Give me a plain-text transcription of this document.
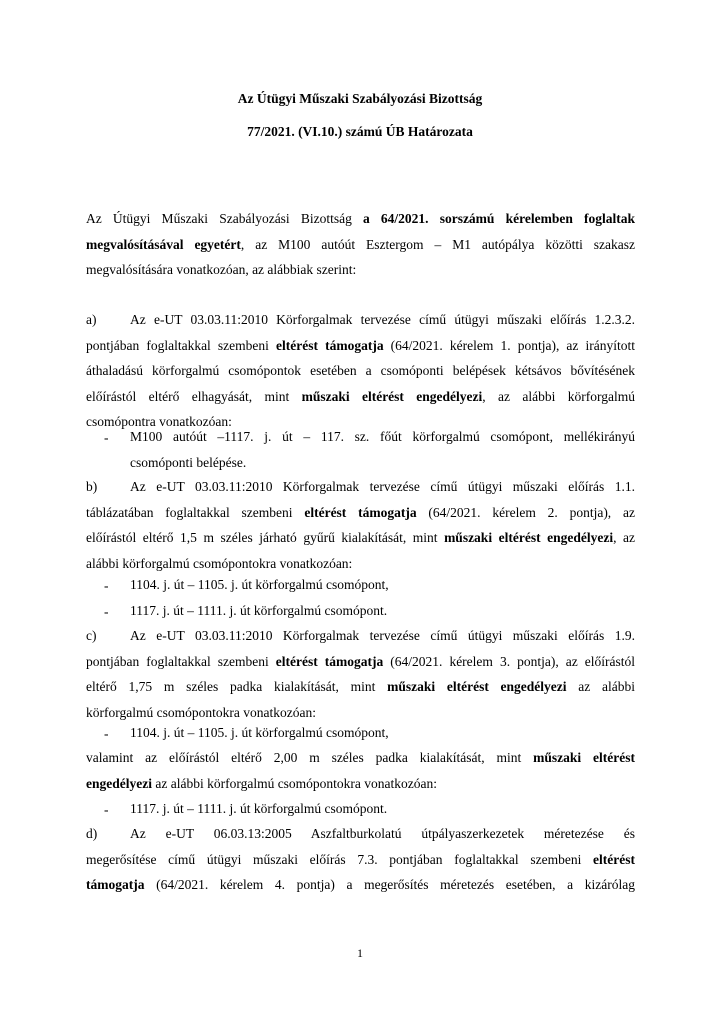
Az Útügyi Műszaki Szabályozási Bizottság
77/2021. (VI.10.) számú ÚB Határozata
Az Útügyi Műszaki Szabályozási Bizottság a 64/2021. sorszámú kérelemben foglaltak
megvalósításával egyetért, az M100 autóút Esztergom – M1 autópálya közötti szakasz
megvalósítására vonatkozóan, az alábbiak szerint:
a) Az e-UT 03.03.11:2010 Körforgalmak tervezése című útügyi műszaki előírás 1.2.3.2.
pontjában foglaltakkal szembeni eltérést támogatja (64/2021. kérelem 1. pontja), az irányított
áthaladású körforgalmú csomópontok esetében a csomóponti belépések kétsávos bővítésének
előírástól eltérő elhagyását, mint műszaki eltérést engedélyezi, az alábbi körforgalmú
csomópontra vonatkozóan:
- M100 autóút –1117. j. út – 117. sz. főút körforgalmú csomópont, mellékirányú
csomóponti belépése.
b) Az e-UT 03.03.11:2010 Körforgalmak tervezése című útügyi műszaki előírás 1.1.
táblázatában foglaltakkal szembeni eltérést támogatja (64/2021. kérelem 2. pontja), az
előírástól eltérő 1,5 m széles járható gyűrű kialakítását, mint műszaki eltérést engedélyezi, az
alábbi körforgalmú csomópontokra vonatkozóan:
- 1104. j. út – 1105. j. út körforgalmú csomópont,
- 1117. j. út – 1111. j. út körforgalmú csomópont.
c) Az e-UT 03.03.11:2010 Körforgalmak tervezése című útügyi műszaki előírás 1.9.
pontjában foglaltakkal szembeni eltérést támogatja (64/2021. kérelem 3. pontja), az előírástól
eltérő 1,75 m széles padka kialakítását, mint műszaki eltérést engedélyezi az alábbi
körforgalmú csomópontokra vonatkozóan:
- 1104. j. út – 1105. j. út körforgalmú csomópont,
valamint az előírástól eltérő 2,00 m széles padka kialakítását, mint műszaki eltérést
engedélyezi az alábbi körforgalmú csomópontokra vonatkozóan:
- 1117. j. út – 1111. j. út körforgalmú csomópont.
d) Az e-UT 06.03.13:2005 Aszfaltburkolatú útpályaszerkezetek méretezése és
megerősítése című útügyi műszaki előírás 7.3. pontjában foglaltakkal szembeni eltérést
támogatja (64/2021. kérelem 4. pontja) a megerősítés méretezés esetében, a kizárólag
1
